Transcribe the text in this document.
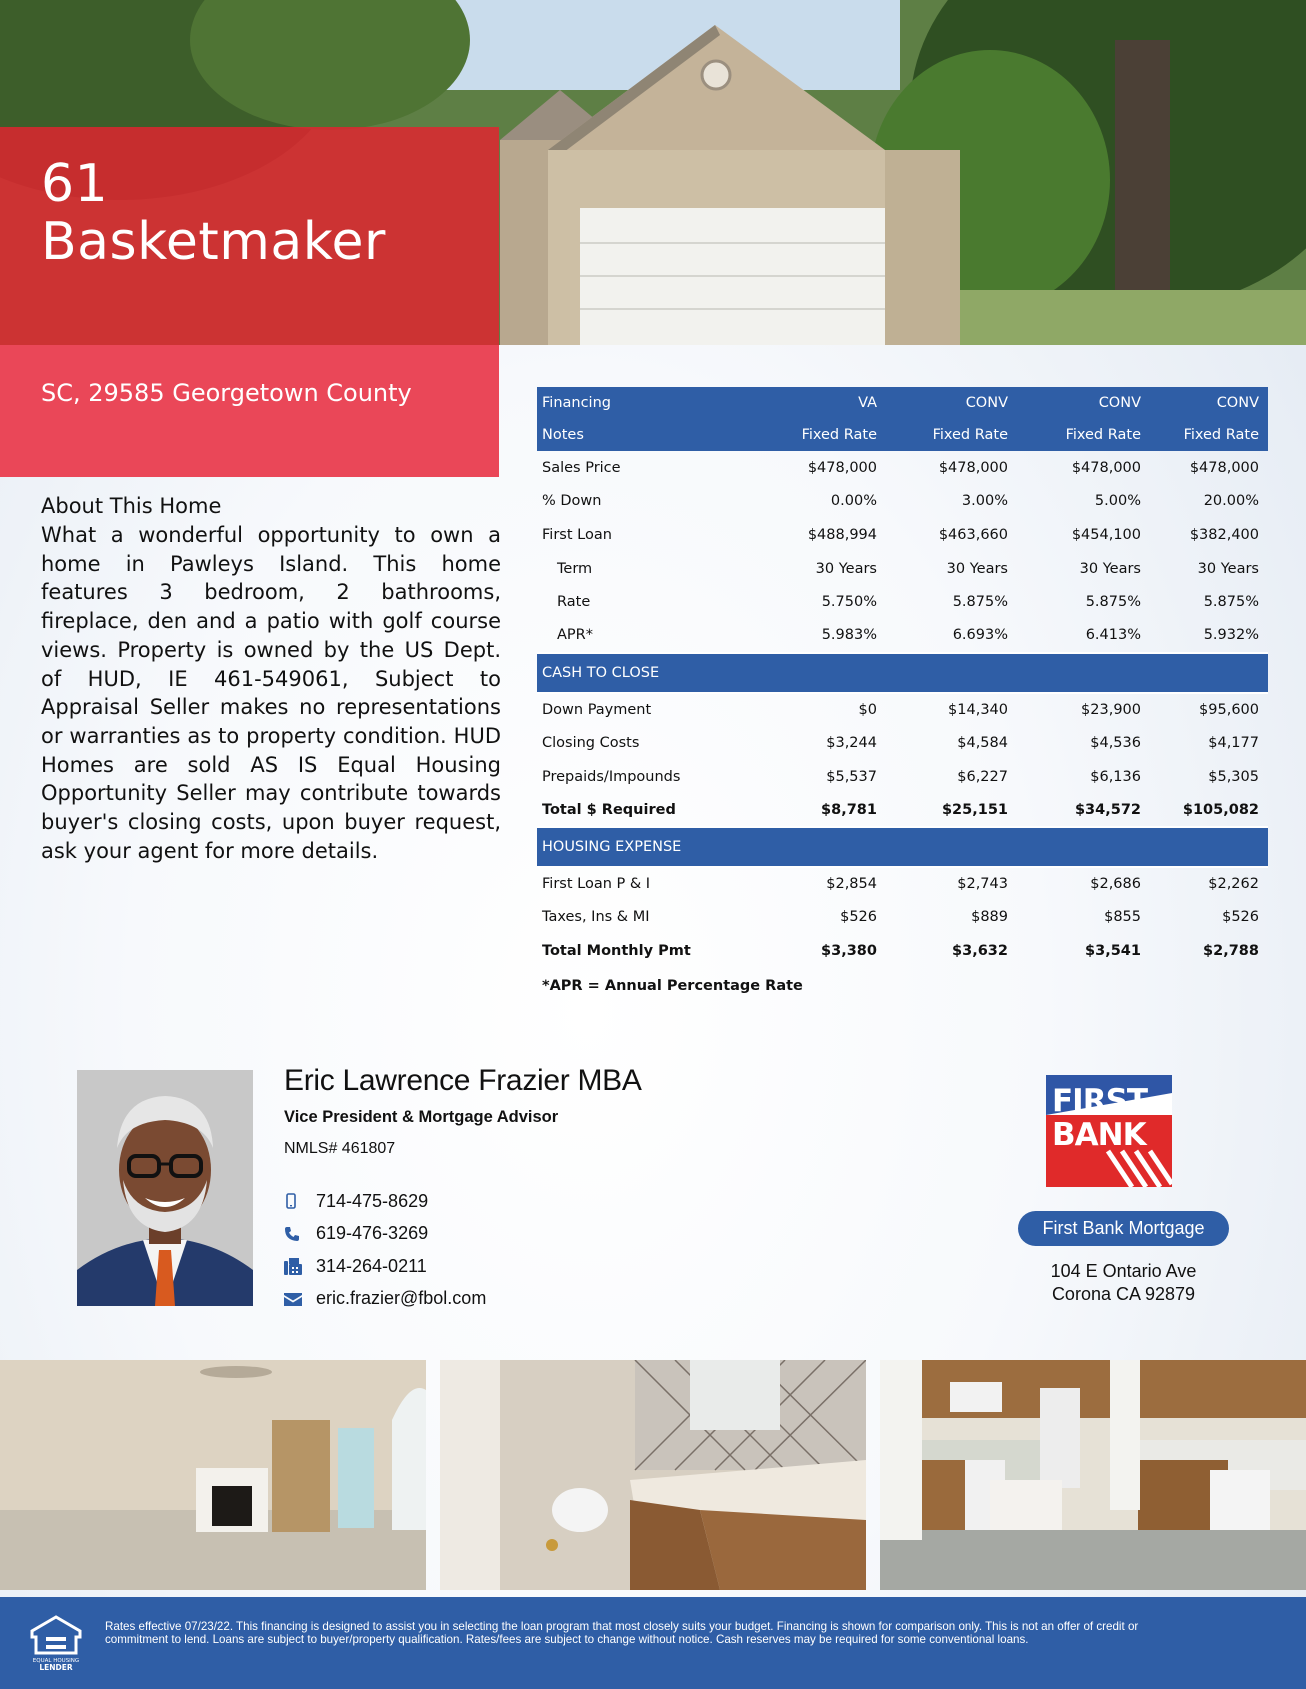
61
Basketmaker
SC, 29585 Georgetown County
About This Home
What a wonderful opportunity to own a home in Pawleys Island. This home features 3 bedroom, 2 bathrooms, fireplace, den and a patio with golf course views. Property is owned by the US Dept. of HUD, IE 461-549061, Subject to Appraisal Seller makes no representations or warranties as to property condition. HUD Homes are sold AS IS Equal Housing Opportunity Seller may contribute towards buyer's closing costs, upon buyer request, ask your agent for more details.
Financing	VA	CONV	CONV	CONV
Notes	Fixed Rate	Fixed Rate	Fixed Rate	Fixed Rate
Sales Price	$478,000	$478,000	$478,000	$478,000
% Down	0.00%	3.00%	5.00%	20.00%
First Loan	$488,994	$463,660	$454,100	$382,400
Term	30 Years	30 Years	30 Years	30 Years
Rate	5.750%	5.875%	5.875%	5.875%
APR*	5.983%	6.693%	6.413%	5.932%
CASH TO CLOSE				
Down Payment	$0	$14,340	$23,900	$95,600
Closing Costs	$3,244	$4,584	$4,536	$4,177
Prepaids/Impounds	$5,537	$6,227	$6,136	$5,305
Total $ Required	$8,781	$25,151	$34,572	$105,082
HOUSING EXPENSE				
First Loan P & I	$2,854	$2,743	$2,686	$2,262
Taxes, Ins & MI	$526	$889	$855	$526
Total Monthly Pmt	$3,380	$3,632	$3,541	$2,788
*APR = Annual Percentage Rate				
Eric Lawrence Frazier MBA
Vice President & Mortgage Advisor
NMLS# 461807
714-475-8629
619-476-3269
314-264-0211
eric.frazier@fbol.com
FIRST
BANK
First Bank Mortgage
104 E Ontario Ave
Corona CA 92879
EQUAL HOUSING
LENDER
Rates effective 07/23/22. This financing is designed to assist you in selecting the loan program that most closely suits your budget. Financing is shown for comparison only. This is not an offer of credit or commitment to lend. Loans are subject to buyer/property qualification. Rates/fees are subject to change without notice. Cash reserves may be required for some conventional loans.
